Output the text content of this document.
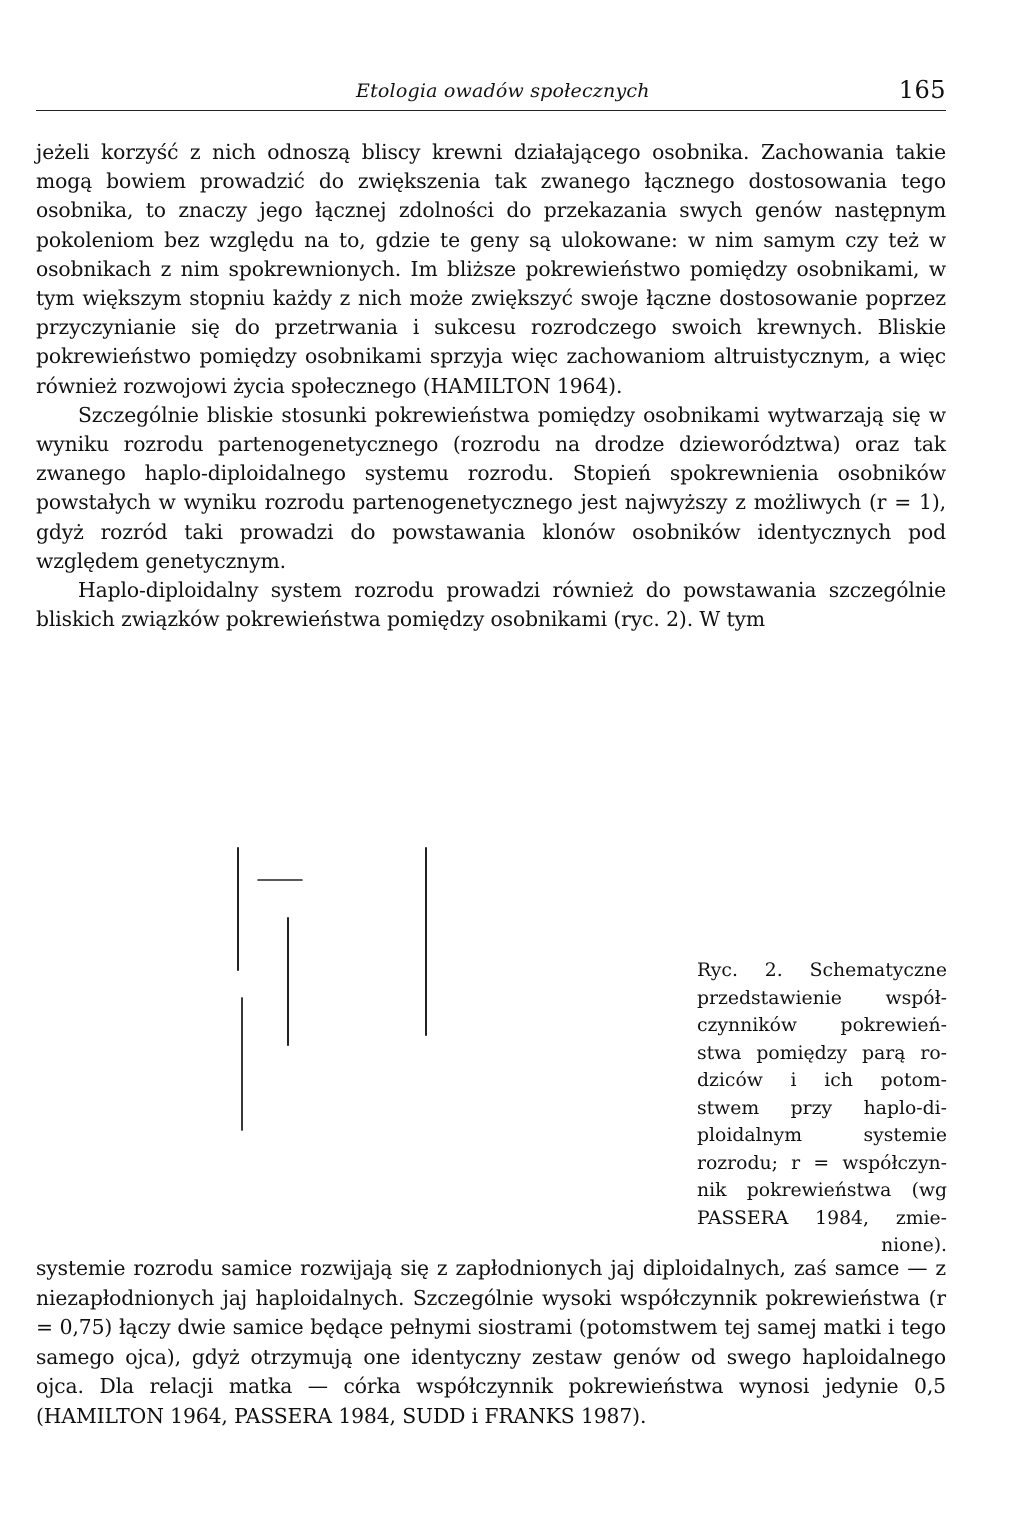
Etologia owadów społecznych	165

jeżeli korzyść z nich odnoszą bliscy krewni działającego osobnika. Zachowania takie mogą bowiem prowadzić do zwiększenia tak zwanego łącznego dostosowania tego osobnika, to znaczy jego łącznej zdolności do przekazania swych genów następnym pokoleniom bez względu na to, gdzie te geny są ulokowane: w nim samym czy też w osobnikach z nim spokrewnionych. Im bliższe pokrewieństwo pomiędzy osobnikami, w tym większym stopniu każdy z nich może zwiększyć swoje łączne dostosowanie poprzez przyczynianie się do przetrwania i sukcesu rozrodczego swoich krewnych. Bliskie pokrewieństwo pomiędzy osobnikami sprzyja więc zachowaniom altruistycznym, a więc również rozwojowi życia społecznego (HAMILTON 1964).

Szczególnie bliskie stosunki pokrewieństwa pomiędzy osobnikami wytwarzają się w wyniku rozrodu partenogenetycznego (rozrodu na drodze dzieworództwa) oraz tak zwanego haplo-diploidalnego systemu rozrodu. Stopień spokrewnienia osobników powstałych w wyniku rozrodu partenogenetycznego jest najwyższy z możliwych (r = 1), gdyż rozród taki prowadzi do powstawania klonów osobników identycznych pod względem genetycznym.

Haplo-diploidalny system rozrodu prowadzi również do powstawania szczególnie bliskich związków pokrewieństwa pomiędzy osobnikami (ryc. 2). W tym

Ryc. 2. Schematyczne
przedstawienie współ-
czynników pokrewień-
stwa pomiędzy parą ro-
dziców i ich potom-
stwem przy haplo-di-
ploidalnym systemie
rozrodu; r = współczyn-
nik pokrewieństwa (wg
PASSERA 1984, zmie-
nione).

systemie rozrodu samice rozwijają się z zapłodnionych jaj diploidalnych, zaś samce — z niezapłodnionych jaj haploidalnych. Szczególnie wysoki współczynnik pokrewieństwa (r = 0,75) łączy dwie samice będące pełnymi siostrami (potomstwem tej samej matki i tego samego ojca), gdyż otrzymują one identyczny zestaw genów od swego haploidalnego ojca. Dla relacji matka — córka współczynnik pokrewieństwa wynosi jedynie 0,5 (HAMILTON 1964, PASSERA 1984, SUDD i FRANKS 1987).
